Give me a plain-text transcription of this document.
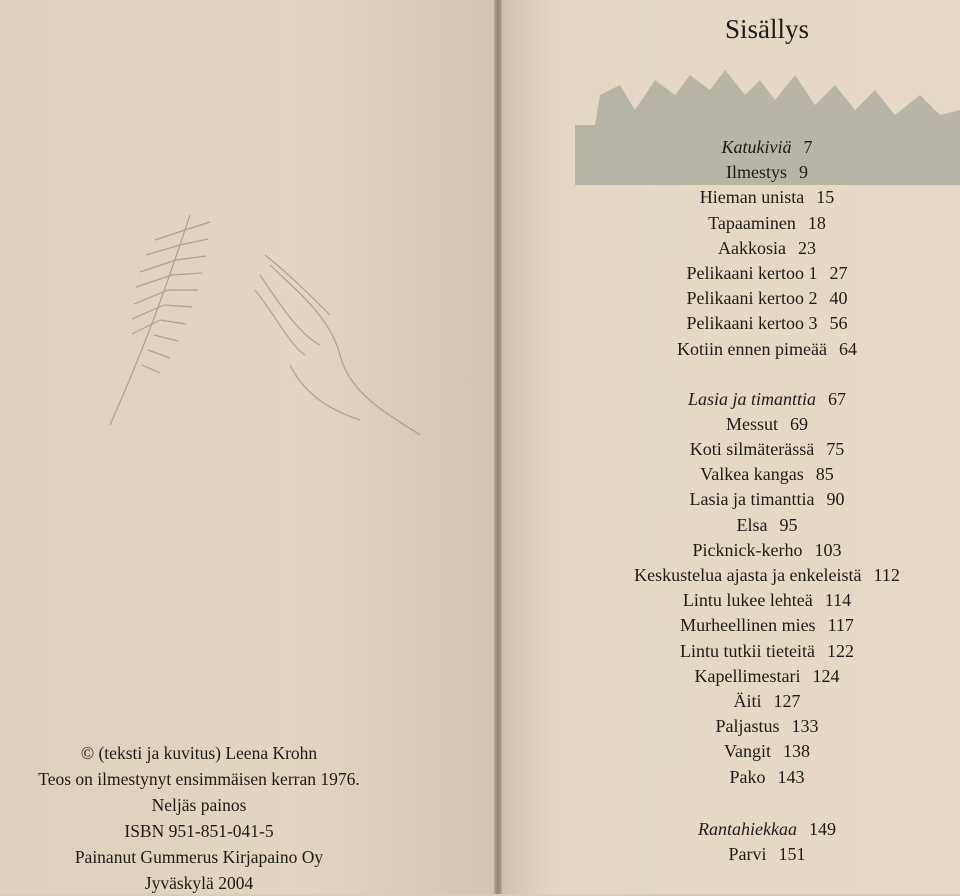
© (teksti ja kuvitus) Leena Krohn
Teos on ilmestynyt ensimmäisen kerran 1976.
Neljäs painos
ISBN 951-851-041-5
Painanut Gummerus Kirjapaino Oy
Jyväskylä 2004
Sisällys
Katukiviä 7
Ilmestys 9
Hieman unista 15
Tapaaminen 18
Aakkosia 23
Pelikaani kertoo 1 27
Pelikaani kertoo 2 40
Pelikaani kertoo 3 56
Kotiin ennen pimeää 64
Lasia ja timanttia 67
Messut 69
Koti silmäterässä 75
Valkea kangas 85
Lasia ja timanttia 90
Elsa 95
Picknick-kerho 103
Keskustelua ajasta ja enkeleistä 112
Lintu lukee lehteä 114
Murheellinen mies 117
Lintu tutkii tieteitä 122
Kapellimestari 124
Äiti 127
Paljastus 133
Vangit 138
Pako 143
Rantahiekkaa 149
Parvi 151
